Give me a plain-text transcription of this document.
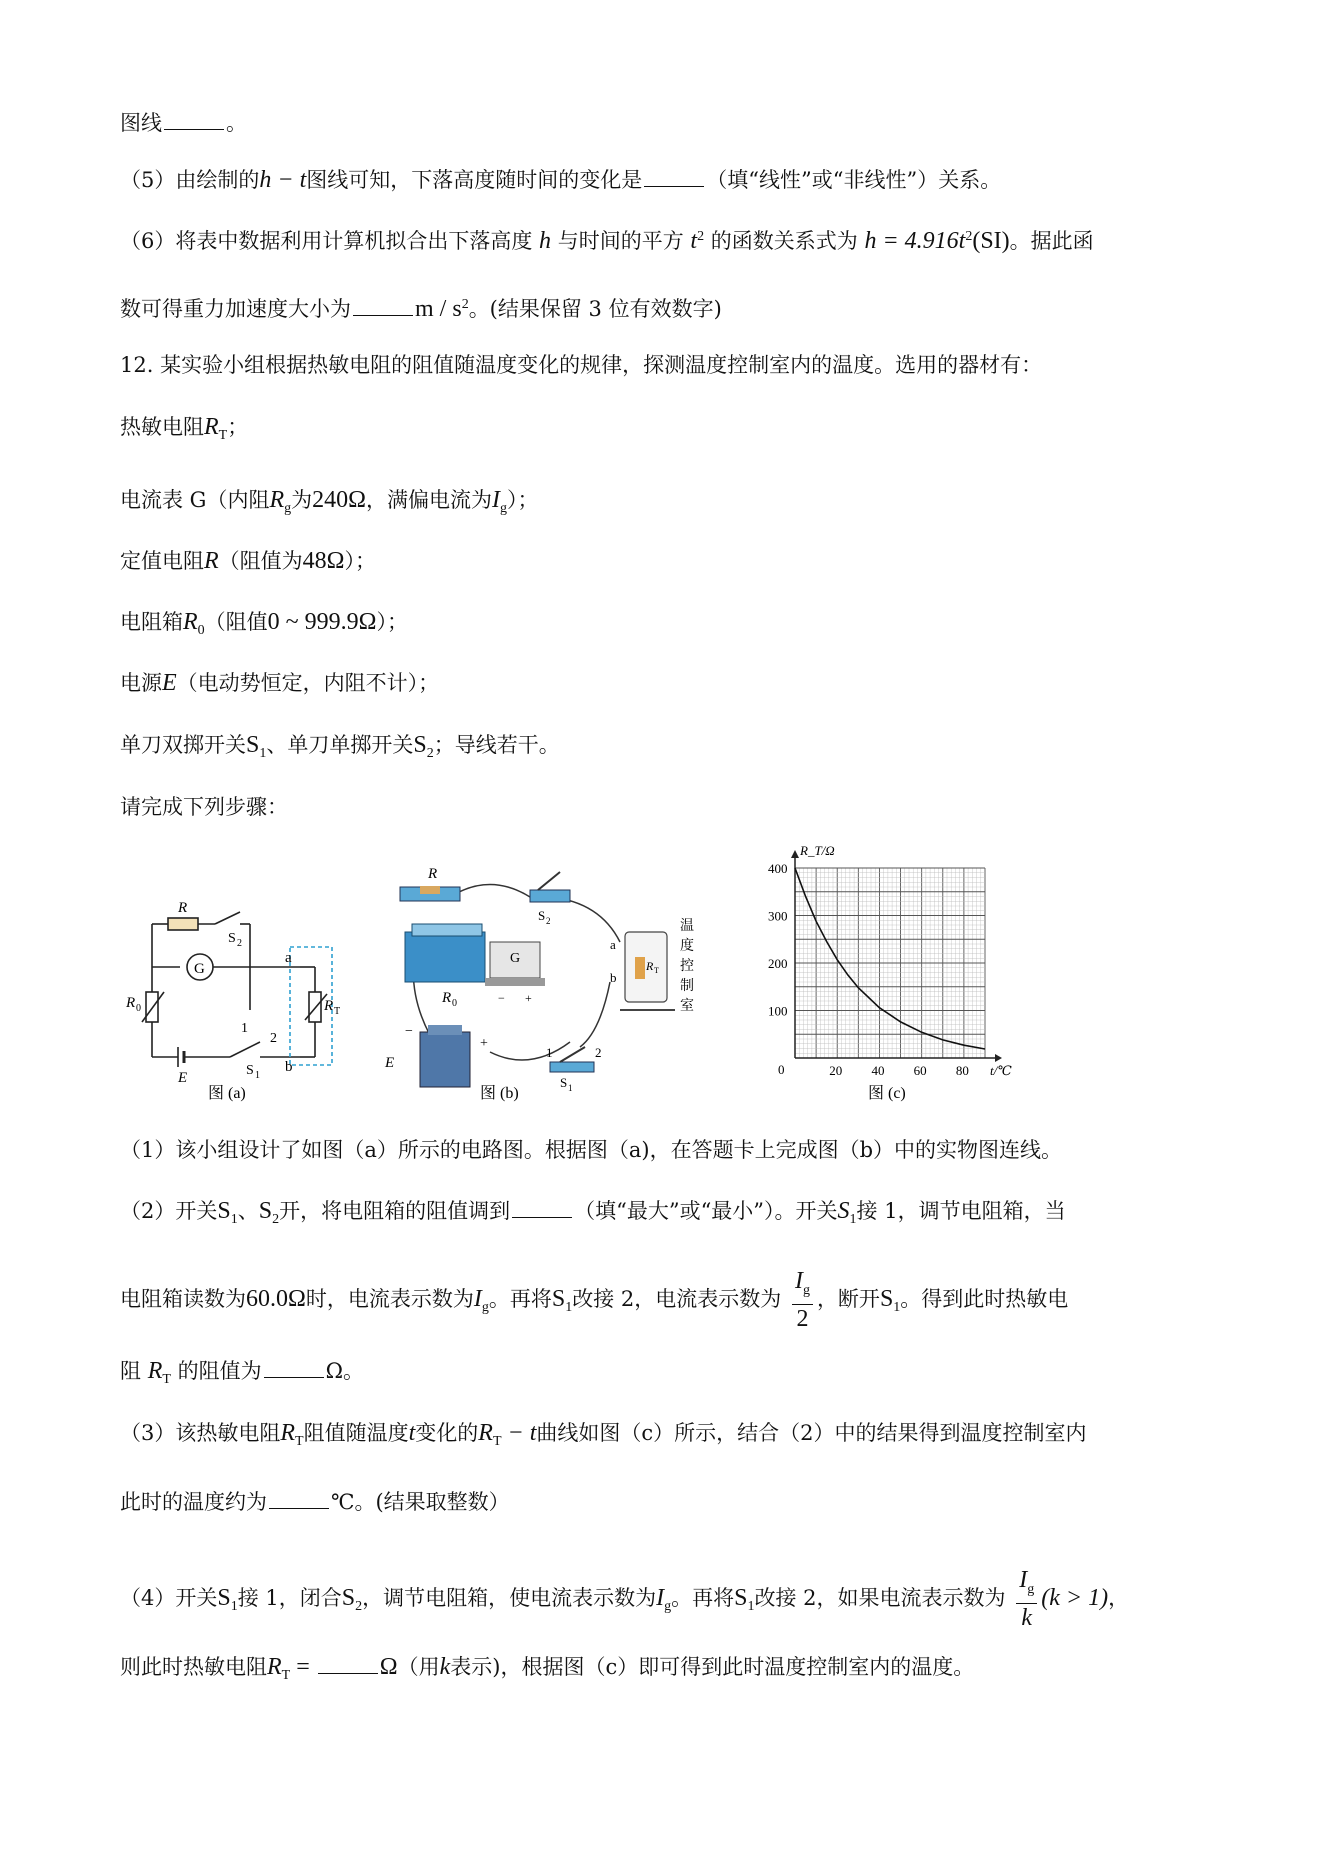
图线	。
（5）由绘制的h − t图线可知，下落高度随时间的变化是	（填“线性”或“非线性”）关系。
（6）将表中数据利用计算机拟合出下落高度 h 与时间的平方 $t^2$ 的函数关系式为 $h = 4.916t^2(SI)$。据此函
数可得重力加速度大小为	m / $s^2$。(结果保留 3 位有效数字)
12. 某实验小组根据热敏电阻的阻值随温度变化的规律，探测温度控制室内的温度。选用的器材有：
热敏电阻$R_T$；
电流表 G（内阻$R_g$为240Ω，满偏电流为$I_g$）；
定值电阻R（阻值为48Ω）；
电阻箱$R_0$（阻值0 ~ 999.9Ω）；
电源E（电动势恒定，内阻不计）；
单刀双掷开关$S_1$、单刀单掷开关$S_2$；导线若干。
请完成下列步骤：
R
S 2
G
a
R 0	R T
1
2
E	S 1
b
图 (a)
R
S 2
R 0
G
− +
E
−
+
1	2
S 1
a
b
R T
温
度
控
制
室
图 (b)
20 40 60 80
100
200
300
400
R_T/Ω
t/℃
0
图 (c)
（1）该小组设计了如图（a）所示的电路图。根据图（a)，在答题卡上完成图（b）中的实物图连线。
（2）开关$S_1$、$S_2$开，将电阻箱的阻值调到	（填“最大”或“最小”）。开关$S_1$接 1，调节电阻箱，当
电阻箱读数为60.0Ω时，电流表示数为$I_g$。再将$S_1$改接 2，电流表示数为 $\frac{I_g}{2}$ ，断开$S_1$。得到此时热敏电
阻 $R_T$ 的阻值为	Ω。
（3）该热敏电阻$R_T$阻值随温度t变化的$R_T - t$曲线如图（c）所示，结合（2）中的结果得到温度控制室内
此时的温度约为	℃。(结果取整数）
（4）开关$S_1$接 1，闭合$S_2$，调节电阻箱，使电流表示数为$I_g$。再将$S_1$改接 2，如果电流表示数为 $\frac{I_g}{k} (k > 1)$，
则此时热敏电阻$R_T$ =	Ω（用k表示)，根据图（c）即可得到此时温度控制室内的温度。
